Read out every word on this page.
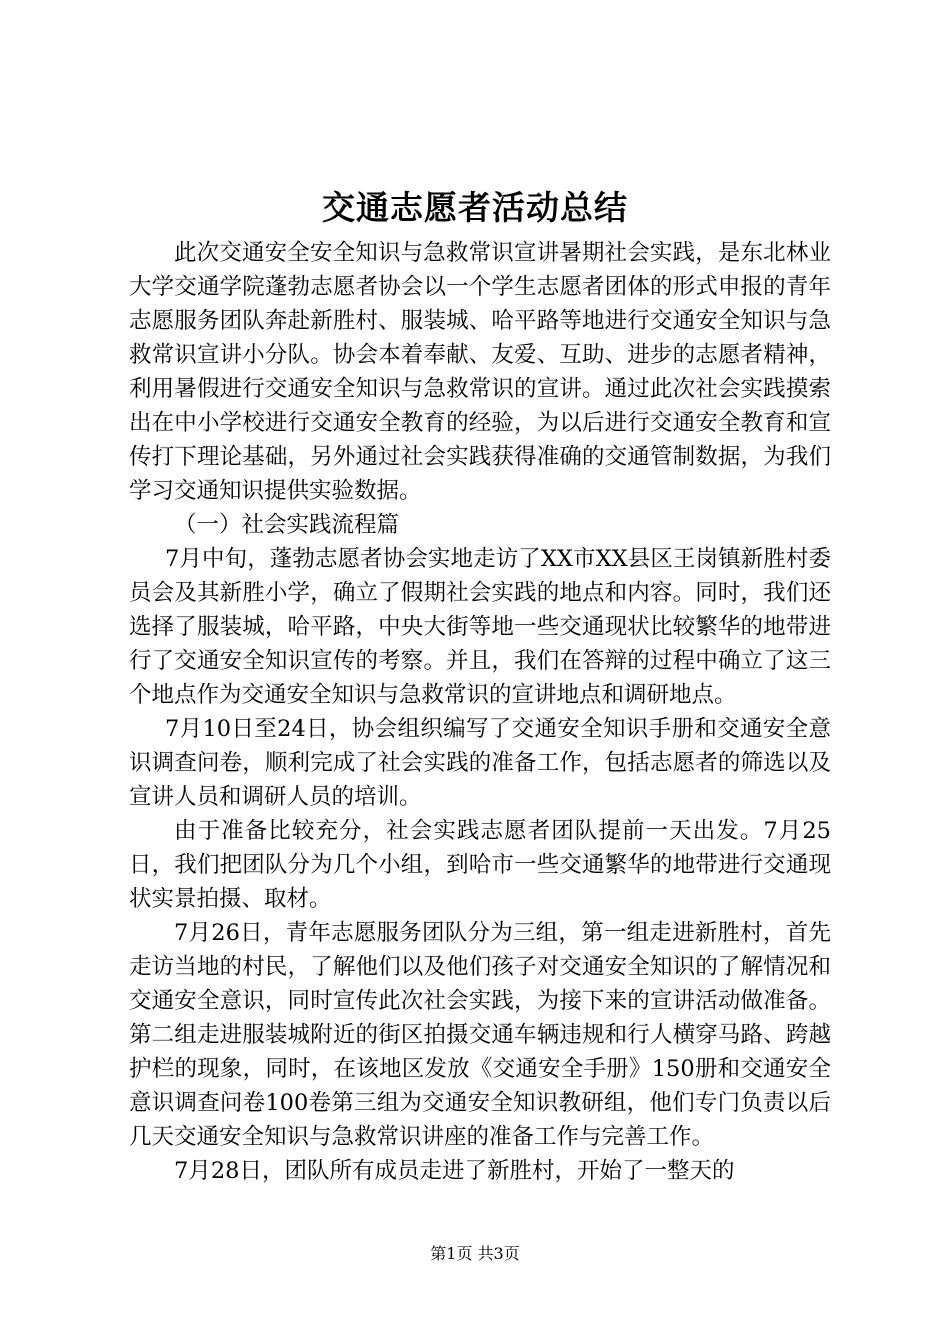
交通志愿者活动总结

此次交通安全安全知识与急救常识宣讲暑期社会实践，是东北林业大学交通学院蓬勃志愿者协会以一个学生志愿者团体的形式申报的青年志愿服务团队奔赴新胜村、服装城、哈平路等地进行交通安全知识与急救常识宣讲小分队。协会本着奉献、友爱、互助、进步的志愿者精神，利用暑假进行交通安全知识与急救常识的宣讲。通过此次社会实践摸索出在中小学校进行交通安全教育的经验，为以后进行交通安全教育和宣传打下理论基础，另外通过社会实践获得准确的交通管制数据，为我们学习交通知识提供实验数据。

（一）社会实践流程篇

7月中旬，蓬勃志愿者协会实地走访了XX市XX县区王岗镇新胜村委员会及其新胜小学，确立了假期社会实践的地点和内容。同时，我们还选择了服装城，哈平路，中央大街等地一些交通现状比较繁华的地带进行了交通安全知识宣传的考察。并且，我们在答辩的过程中确立了这三个地点作为交通安全知识与急救常识的宣讲地点和调研地点。

7月10日至24日，协会组织编写了交通安全知识手册和交通安全意识调查问卷，顺利完成了社会实践的准备工作，包括志愿者的筛选以及宣讲人员和调研人员的培训。

由于准备比较充分，社会实践志愿者团队提前一天出发。7月25日，我们把团队分为几个小组，到哈市一些交通繁华的地带进行交通现状实景拍摄、取材。

7月26日，青年志愿服务团队分为三组，第一组走进新胜村，首先走访当地的村民，了解他们以及他们孩子对交通安全知识的了解情况和交通安全意识，同时宣传此次社会实践，为接下来的宣讲活动做准备。第二组走进服装城附近的街区拍摄交通车辆违规和行人横穿马路、跨越护栏的现象，同时，在该地区发放《交通安全手册》150册和交通安全意识调查问卷100卷第三组为交通安全知识教研组，他们专门负责以后几天交通安全知识与急救常识讲座的准备工作与完善工作。

7月28日，团队所有成员走进了新胜村，开始了一整天的

第1页 共3页
